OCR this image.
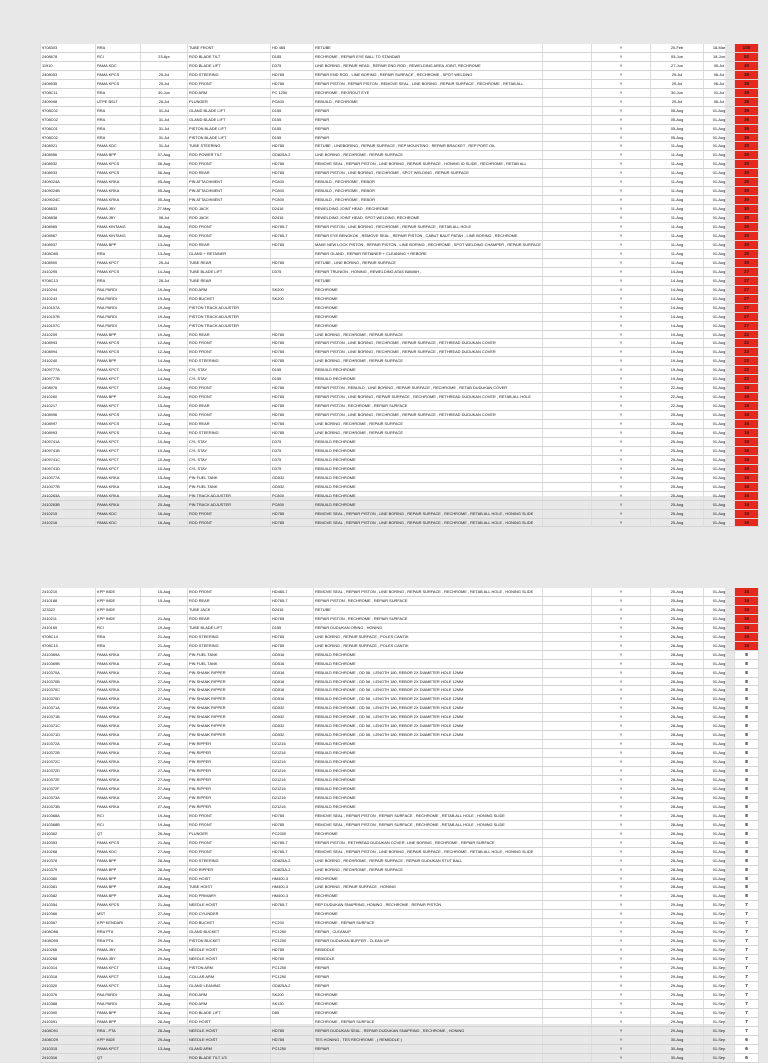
9708303	RRA		TUBE FRONT	HD 465	RETUBE		Y	20-Feb	18-Mar	100
2408678	RCI	23-Apr	ROD BLADE TILT	D155	RECHROME , REPAIR EYE BALL TO STANDAR		Y	05-Jun	18-Jun	52
11910	PAMA KDC		ROD BLADE LIFT	D375	LINE BORING , REPAIR HEAD , REPAIR END ROD , REWELDING AREA JOINT, RECHROME		Y	27-Jun	05-Jul	40
2408053	PAMA KPCS	25-Jul	ROD STEERING	HD785	REPAIR END ROD , LINE BORING , REPAIR SURFACE , RECHROME , SPOT WELDING		Y	29-Jul	06-Jul	38
2408935	PAMA KPCS	25-Jul	ROD FRONT	HD785	REPAIR PISTON , REPAIR PISTON , REMOVE SEAL , LINE BORING , REPAIR SURFACE , RECHROME , RETAB ALL		Y	29-Jul	06-Jul	38
9708C11	RRA	30-Jun	ROD ARM	PC 1250	RECHROME , REGROUT EYE		Y	30-Jun	01-Jul	38
2409098	UTPE BSLT	26-Jul	PLUNGER	PC800	REBUILD , RECHROME		Y	29-Jul	06-Jul	38
9708C02	RRA	31-Jul	GLAND BLADE LIFT	D155	REPAIR		Y	05-Aug	01-Aug	36
9708C02	RRA	31-Jul	GLAND BLADE LIFT	D155	REPAIR		Y	05-Aug	01-Aug	36
9708C01	RRA	31-Jul	PISTON BLADE LIFT	D155	REPAIR		Y	05-Aug	01-Aug	36
9708C02	RRA	31-Jul	PISTON BLADE LIFT	D155	REPAIR		Y	05-Aug	01-Aug	36
2408921	PAMA KDC	31-Jul	TUBE STEERING	HD785	RETUBE , LINEBORING , REPAIR SURFACE , REP MOUNTING , REPAIR BRACKET , REP PORT OIL		Y	11-Aug	01-Aug	30
2408956	PAMA BPP	07-Aug	ROD POWER TILT	GD825A-2	LINE BORING , RECHROME , REPAIR SURFACE		Y	11-Aug	01-Aug	30
2408932	PAMA KPCS	06-Aug	ROD FRONT	HD785	REMOVE SEAL , REPAIR PISTON , LINE BORING , REPAIR SURFACE , HONING ID SLIDE , RECHROME , RETAB ALL		Y	11-Aug	01-Aug	30
2408933	PAMA KPCS	06-Aug	ROD REAR	HD785	REPAIR PISTON , LINE BORING , RECHROME , SPOT WELDING , REPAIR SURFACE		Y	11-Aug	01-Aug	30
2409024A	PAMA KRKA	05-Aug	PIN ATTACHMENT	PC800	REBUILD , RECHROME , REBOR		Y	11-Aug	01-Aug	30
2409024B	PAMA KRKA	05-Aug	PIN ATTACHMENT	PC800	REBUILD , RECHROME , REBOR		Y	11-Aug	01-Aug	30
2409024C	PAMA KRKA	05-Aug	PIN ATTACHMENT	PC800	REBUILD , RECHROME , REBOR		Y	11-Aug	01-Aug	30
2408633	PAMA JBY	27-May	ROD JACK	D2416	REWELDING JOINT HEAD , RECHROME		Y	11-Aug	01-Aug	30
2408838	PAMA JBY	08-Jul	ROD JACK	D2416	REWELDING JOINT HEAD, SPOT WELDING, RECHROME		Y	11-Aug	01-Aug	30
2408965	PAMA KINTANG	08-Aug	ROD FRONT	HD785-7	REPAIR PISTON , LINE BORING , RECHROME , REPAIR SURFACE , RETAB ALL HOLE		Y	11-Aug	01-Aug	30
2408967	PAMA KINTANG	08-Aug	ROD FRONT	HD785-7	REPAIR EYE BENGKOK , REMOVE SEAL , REPAIR PISTON , CABUT BAUT PATAH , LINE BORING , RECHROME		Y	11-Aug	01-Aug	30
2408937	PAMA BPP	13-Aug	ROD REAR	HD785	MAKE NEW LOCK PISTON , REPAIR PISTON , LINE BORING , RECHROME , SPOT WELDING CHAMPER , REPAIR SURFACE		Y	11-Aug	01-Aug	30
2408O85	RRA	13-Aug	GLAND + RETAINER		REPAIR GLAND , REPAIR RETAINER + CLEANING + REBORE		Y	11-Aug	01-Aug	30
2408900	PAMA KPCT	25-Jul	TUBE REAR	HD785	RETUBE , LINE BORING , REPAIR SURFACE		Y	11-Aug	01-Aug	30
2410295	PAMA KPCS	14-Aug	TUBE BLADE LIFT	D375	REPAIR TRUNION , HONING , REWELDING ATAS BAWAH ,		Y	14-Aug	01-Aug	27
9708C13	RRA	28-Jul	TUBE REAR		RETUBE		Y	14-Aug	01-Aug	27
2410244	PAA PARDI	19-Aug	ROD ARM	SK200	RECHROME		Y	14-Aug	01-Aug	27
2410243	PAA PARDI	19-Aug	ROD BUCKET	SK200	RECHROME		Y	14-Aug	01-Aug	27
2410157A	PAA PARDI	19-Aug	PISTON TRACK ADJUSTER		RECHROME		Y	14-Aug	01-Aug	27
2410157B	PAA PARDI	19-Aug	PISTON TRACK ADJUSTER		RECHROME		Y	14-Aug	01-Aug	27
2410157C	PAA PARDI	19-Aug	PISTON TRACK ADJUSTER		RECHROME		Y	14-Aug	01-Aug	27
2410209	PAMA BPP	19-Aug	ROD REAR	HD785	LINE BORING , RECHROME , REPAIR SURFACE		Y	19-Aug	01-Aug	22
2408993	PAMA KPCS	12-Aug	ROD FRONT	HD785	REPAIR PISTON , LINE BORING , RECHROME , REPAIR SURFACE , RETHREAD DUDUKAN COVER		Y	19-Aug	01-Aug	22
2408994	PAMA KPCS	12-Aug	ROD FRONT	HD785	REPAIR PISTON , LINE BORING , RECHROME , REPAIR SURFACE , RETHREAD DUDUKAN COVER		Y	19-Aug	01-Aug	22
2410240	PAMA BPP	14-Aug	ROD STEERING	HD785	LINE BORING , RECHROME , REPAIR SURFACE		Y	19-Aug	01-Aug	22
2409777A	PAMA KPCT	14-Aug	CYL STAY	D155	REBUILD RECHROME		Y	19-Aug	01-Aug	22
2409777B	PAMA KPCT	14-Aug	CYL STAY	D155	REBUILD RECHROME		Y	19-Aug	01-Aug	22
2408976	PAMA KPCT	14-Aug	ROD FRONT	HD785	REPAIR PISTON , REBUILD , LINE BORING , REPAIR SURFACE , RECHROME , RETAB DUDUKAN COVER		Y	22-Aug	01-Aug	19
2410260	PAMA BPP	21-Aug	ROD FRONT	HD785	REPAIR PISTON , LINE BORING , REPAIR SURFACE , RECHROME , RETHREAD DUDUKAN COVER , RETAB ALL HOLE		Y	22-Aug	01-Aug	19
2410217	PAMA KPCT	15-Aug	ROD REAR	HD785	REPAIR PISTON , RECHROME , REPAIR SURFACE		Y	22-Aug	01-Aug	19
2408996	PAMA KPCS	12-Aug	ROD FRONT	HD785	REPAIR PISTON , LINE BORING , RECHROME , REPAIR SURFACE , RETHREAD DUDUKAN COVER		Y	25-Aug	01-Aug	16
2408997	PAMA KPCS	12-Aug	ROD REAR	HD785	LINE BORING , RECHROME , REPAIR SURFACE		Y	25-Aug	01-Aug	16
2408993	PAMA KPCS	12-Aug	ROD STEERING	HD785	LINE BORING , RECHROME , REPAIR SURFACE		Y	25-Aug	01-Aug	16
2409741A	PAMA KPCT	10-Aug	CYL STAY	D375	REBUILD RECHROME		Y	25-Aug	01-Aug	16
2409741B	PAMA KPCT	10-Aug	CYL STAY	D375	REBUILD RECHROME		Y	25-Aug	01-Aug	16
2409741C	PAMA KPCT	10-Aug	CYL STAY	D375	REBUILD RECHROME		Y	25-Aug	01-Aug	16
2409741D	PAMA KPCT	10-Aug	CYL STAY	D375	REBUILD RECHROME		Y	25-Aug	01-Aug	16
2410077A	PAMA KRKA	15-Aug	PIN FUEL TANK	GD532	REBUILD RECHROME		Y	25-Aug	01-Aug	16
2410077B	PAMA KRKA	15-Aug	PIN FUEL TANK	GD532	REBUILD RECHROME		Y	25-Aug	01-Aug	16
2410263A	PAMA KRKA	20-Aug	PIN TRACK ADJUSTER	PC800	REBUILD RECHROME		Y	25-Aug	01-Aug	16
2410263B	PAMA KRKA	20-Aug	PIN TRACK ADJUSTER	PC800	REBUILD RECHROME		Y	25-Aug	01-Aug	16
2410215	PAMA KDC	16-Aug	ROD FRONT	HD785	REMOVE SEAL , REPAIR PISTON , LINE BORING , REPAIR SURFACE , RECHROME , RETAB ALL HOLE , HONING SLIDE		Y	25-Aug	01-Aug	16
2410216	PAMA KDC	16-Aug	ROD FRONT	HD785	REMOVE SEAL , REPAIR PISTON , LINE BORING , REPAIR SURFACE , RECHROME , RETAB ALL HOLE , HONING SLIDE		Y	25-Aug	01-Aug	16
2410210	KPP INDE	15-Aug	ROD FRONT	HD465-7	REMOVE SEAL , REPAIR PISTON , LINE BORING , REPAIR SURFACE , RECHROME , RETAB ALL HOLE , HONING SLIDE		Y	25-Aug	01-Aug	16
2410188	KPP INDE	15-Aug	ROD REAR	HD785-7	REPAIR PISTON , RECHROME , REPAIR SURFACE		Y	25-Aug	01-Aug	16
123322	KPP INDE		TUBE JACK	D2416	RETUBE		Y	25-Aug	01-Aug	16
2410211	KPP INDE	21-Aug	ROD REAR	HD785	REPAIR PISTON , RECHROME , REPAIR SURFACE		Y	25-Aug	01-Aug	16
2410169	RCI	19-Aug	TUBE BLADE LIFT	D155	REPAIR DUDUKAN ORING , HONING		Y	26-Aug	01-Aug	15
9708C14	RRA	21-Aug	ROD STEERING	HD785	LINE BORING , REPAIR SURFACE , POLES CANTIK		Y	26-Aug	01-Aug	15
9708C15	RRA	21-Aug	ROD STEERING	HD785	LINE BORING , REPAIR SURFACE , POLES CANTIK		Y	26-Aug	01-Aug	15
2410369A	PAMA KRKA	27-Aug	PIN FUEL TANK	GD516	REBUILD RECHROME		Y	28-Aug	01-Aug	8
2410369B	PAMA KRKA	27-Aug	PIN FUEL TANK	GD516	REBUILD RECHROME		Y	28-Aug	01-Aug	8
2410370A	PAMA KRKA	27-Aug	PIN SHANK RIPPER	GD516	REBUILD RECHROME , OD 56 , LENGTH 180, REBOR 2X DIAMETER HOLE 12MM		Y	28-Aug	01-Aug	8
2410370B	PAMA KRKA	27-Aug	PIN SHANK RIPPER	GD516	REBUILD RECHROME , OD 56 , LENGTH 180, REBOR 2X DIAMETER HOLE 12MM		Y	28-Aug	01-Aug	8
2410370C	PAMA KRKA	27-Aug	PIN SHANK RIPPER	GD516	REBUILD RECHROME , OD 56 , LENGTH 180, REBOR 2X DIAMETER HOLE 12MM		Y	28-Aug	01-Aug	8
2410370D	PAMA KRKA	27-Aug	PIN SHANK RIPPER	GD516	REBUILD RECHROME , OD 56 , LENGTH 180, REBOR 2X DIAMETER HOLE 12MM		Y	28-Aug	01-Aug	8
2410371A	PAMA KRKA	27-Aug	PIN SHANK RIPPER	GD532	REBUILD RECHROME , OD 56 , LENGTH 180, REBOR 2X DIAMETER HOLE 12MM		Y	28-Aug	01-Aug	8
2410371B	PAMA KRKA	27-Aug	PIN SHANK RIPPER	GD532	REBUILD RECHROME , OD 56 , LENGTH 180, REBOR 2X DIAMETER HOLE 12MM		Y	28-Aug	01-Aug	8
2410371C	PAMA KRKA	27-Aug	PIN SHANK RIPPER	GD532	REBUILD RECHROME , OD 56 , LENGTH 180, REBOR 2X DIAMETER HOLE 12MM		Y	28-Aug	01-Aug	8
2410371D	PAMA KRKA	27-Aug	PIN SHANK RIPPER	GD532	REBUILD RECHROME , OD 56 , LENGTH 180, REBOR 2X DIAMETER HOLE 12MM		Y	28-Aug	01-Aug	8
2410372A	PAMA KRKA	27-Aug	PIN RIPPER	D21216	REBUILD RECHROME		Y	28-Aug	01-Aug	8
2410372B	PAMA KRKA	27-Aug	PIN RIPPER	D21216	REBUILD RECHROME		Y	28-Aug	01-Aug	8
2410372C	PAMA KRKA	27-Aug	PIN RIPPER	D21216	REBUILD RECHROME		Y	28-Aug	01-Aug	8
2410372D	PAMA KRKA	27-Aug	PIN RIPPER	D21216	REBUILD RECHROME		Y	28-Aug	01-Aug	8
2410372E	PAMA KRKA	27-Aug	PIN RIPPER	D21216	REBUILD RECHROME		Y	28-Aug	01-Aug	8
2410372F	PAMA KRKA	27-Aug	PIN RIPPER	D21216	REBUILD RECHROME		Y	28-Aug	01-Aug	8
2410373A	PAMA KRKA	27-Aug	PIN RIPPER	D21216	REBUILD RECHROME		Y	28-Aug	01-Aug	8
2410373B	PAMA KRKA	27-Aug	PIN RIPPER	D21216	REBUILD RECHROME		Y	28-Aug	01-Aug	8
2410368A	RCI	19-Aug	ROD FRONT	HD785	REMOVE SEAL , REPAIR PISTON , REPAIR SURFACE , RECHROME , RETAB ALL HOLE , HONING SLIDE		Y	28-Aug	01-Aug	8
2410368B	RCI	19-Aug	ROD FRONT	HD785	REMOVE SEAL , REPAIR PISTON , REPAIR SURFACE , RECHROME , RETAB ALL HOLE , HONING SLIDE		Y	28-Aug	01-Aug	8
2410362	QT	26-Aug	PLUNGER	PC2000	RECHROME		Y	28-Aug	01-Aug	8
2410353	PAMA KPCS	21-Aug	ROD FRONT	HD785-7	REPAIR PISTON , RETHREAD DUDUKAN COVER, LINE BORING , RECHROME , REPAIR SURFACE		Y	28-Aug	01-Aug	8
2410268	PAMA KDC	27-Aug	ROD FRONT	HD785-7	REMOVE SEAL , REPAIR PISTON , LINE BORING , REPAIR SURFACE , RECHROME , RETAB ALL HOLE , HONING SLIDE		Y	28-Aug	01-Aug	8
2410378	PAMA BPP	28-Aug	ROD STEERING	GD825A-2	LINE BORING , RECHROME , REPAIR SURFACE , REPAIR DUDUKAN STUT BALL		Y	28-Aug	01-Aug	8
2410379	PAMA BPP	28-Aug	ROD RIPPER	GD825A-2	LINE BORING , RECHROME , REPAIR SURFACE		Y	28-Aug	01-Aug	8
2410380	PAMA BPP	28-Aug	ROD HOIST	HM400-3	RECHROME		Y	28-Aug	01-Aug	8
2410381	PAMA BPP	28-Aug	TUBE HOIST	HM400-3	LINE BORING , REPAIR SURFACE , HONING		Y	28-Aug	01-Aug	8
2410382	PAMA BPP	28-Aug	ROD PRIMARY	HM400-3	RECHROME		Y	28-Aug	01-Aug	8
2410354	PAMA KPCS	21-Aug	NEEDLE HOIST	HD785-7	REP DUDUKAN SNAPRING, HONING , RECHROME , REPAIR PISTON		Y	29-Aug	01-Sep	7
2410366	MST	27-Aug	ROD CYLINDER		RECHROME		Y	29-Aug	01-Sep	7
2410367	KPP KENDARI	27-Aug	ROD BUCKET	PC200	RECHROME , REPAIR SURFACE		Y	29-Aug	01-Sep	7
2408O86	RRA PTA	29-Aug	GLAND BUCKET	PC1250	REPAIR , CLEANUP		Y	29-Aug	01-Sep	7
2408O95	RRA PTA	29-Aug	PISTON BUCKET	PC1250	REPAIR DUDUKAN BUFFER - CLEAN UP		Y	29-Aug	01-Sep	7
2410266	PAMA JBY	29-Aug	NEEDLE HOIST	HD785	REBIDDLE		Y	29-Aug	01-Sep	7
2410268	PAMA JBY	29-Aug	NEEDLE HOIST	HD785	REBIDDLE		Y	29-Aug	01-Sep	7
2410314	PAMA KPCT	13-Aug	PISTON ARM	PC1250	REPAIR		Y	29-Aug	01-Sep	7
2410318	PAMA KPCT	13-Aug	COLLAR ARM	PC1250	REPAIR		Y	29-Aug	01-Sep	7
2410320	PAMA KPCT	13-Aug	GLAND LEANING	GD825A-2	REPAIR		Y	29-Aug	01-Sep	7
2410376	PAA PARDI	28-Aug	ROD ARM	SK200	RECHROME		Y	29-Aug	01-Sep	7
2410388	PAA PARDI	28-Aug	ROD ARM	SK130	RECHROME		Y	29-Aug	01-Sep	7
2410390	PAMA BPP	28-Aug	ROD BLADE LIFT	D85	RECHROME		Y	29-Aug	01-Sep	7
2410391	PAMA BPP	28-Aug	ROD HOIST		RECHROME , REPAIR SURFACE		Y	29-Aug	01-Sep	7
2408O91	RRA - PTA	28-Aug	NEEDLE HOIST	HD785	REPAIR DUDUKAN SEAL , REPAIR DUDUKAN SNAPRING , RECHROME , HONING		Y	29-Aug	01-Sep	7
2408O29	KPP INDE	29-Aug	NEEDLE HOIST	HD785	TES HONING , TES RECHROME , ( REMIDDLE )		Y	30-Aug	01-Sep	6
2410315	PAMA KPCT	13-Aug	GLAND ARM	PC1250	REPAIR		Y	30-Aug	01-Sep	6
2410316	QT		ROD BLADE TILT 1/3				Y	30-Aug	01-Sep	6
